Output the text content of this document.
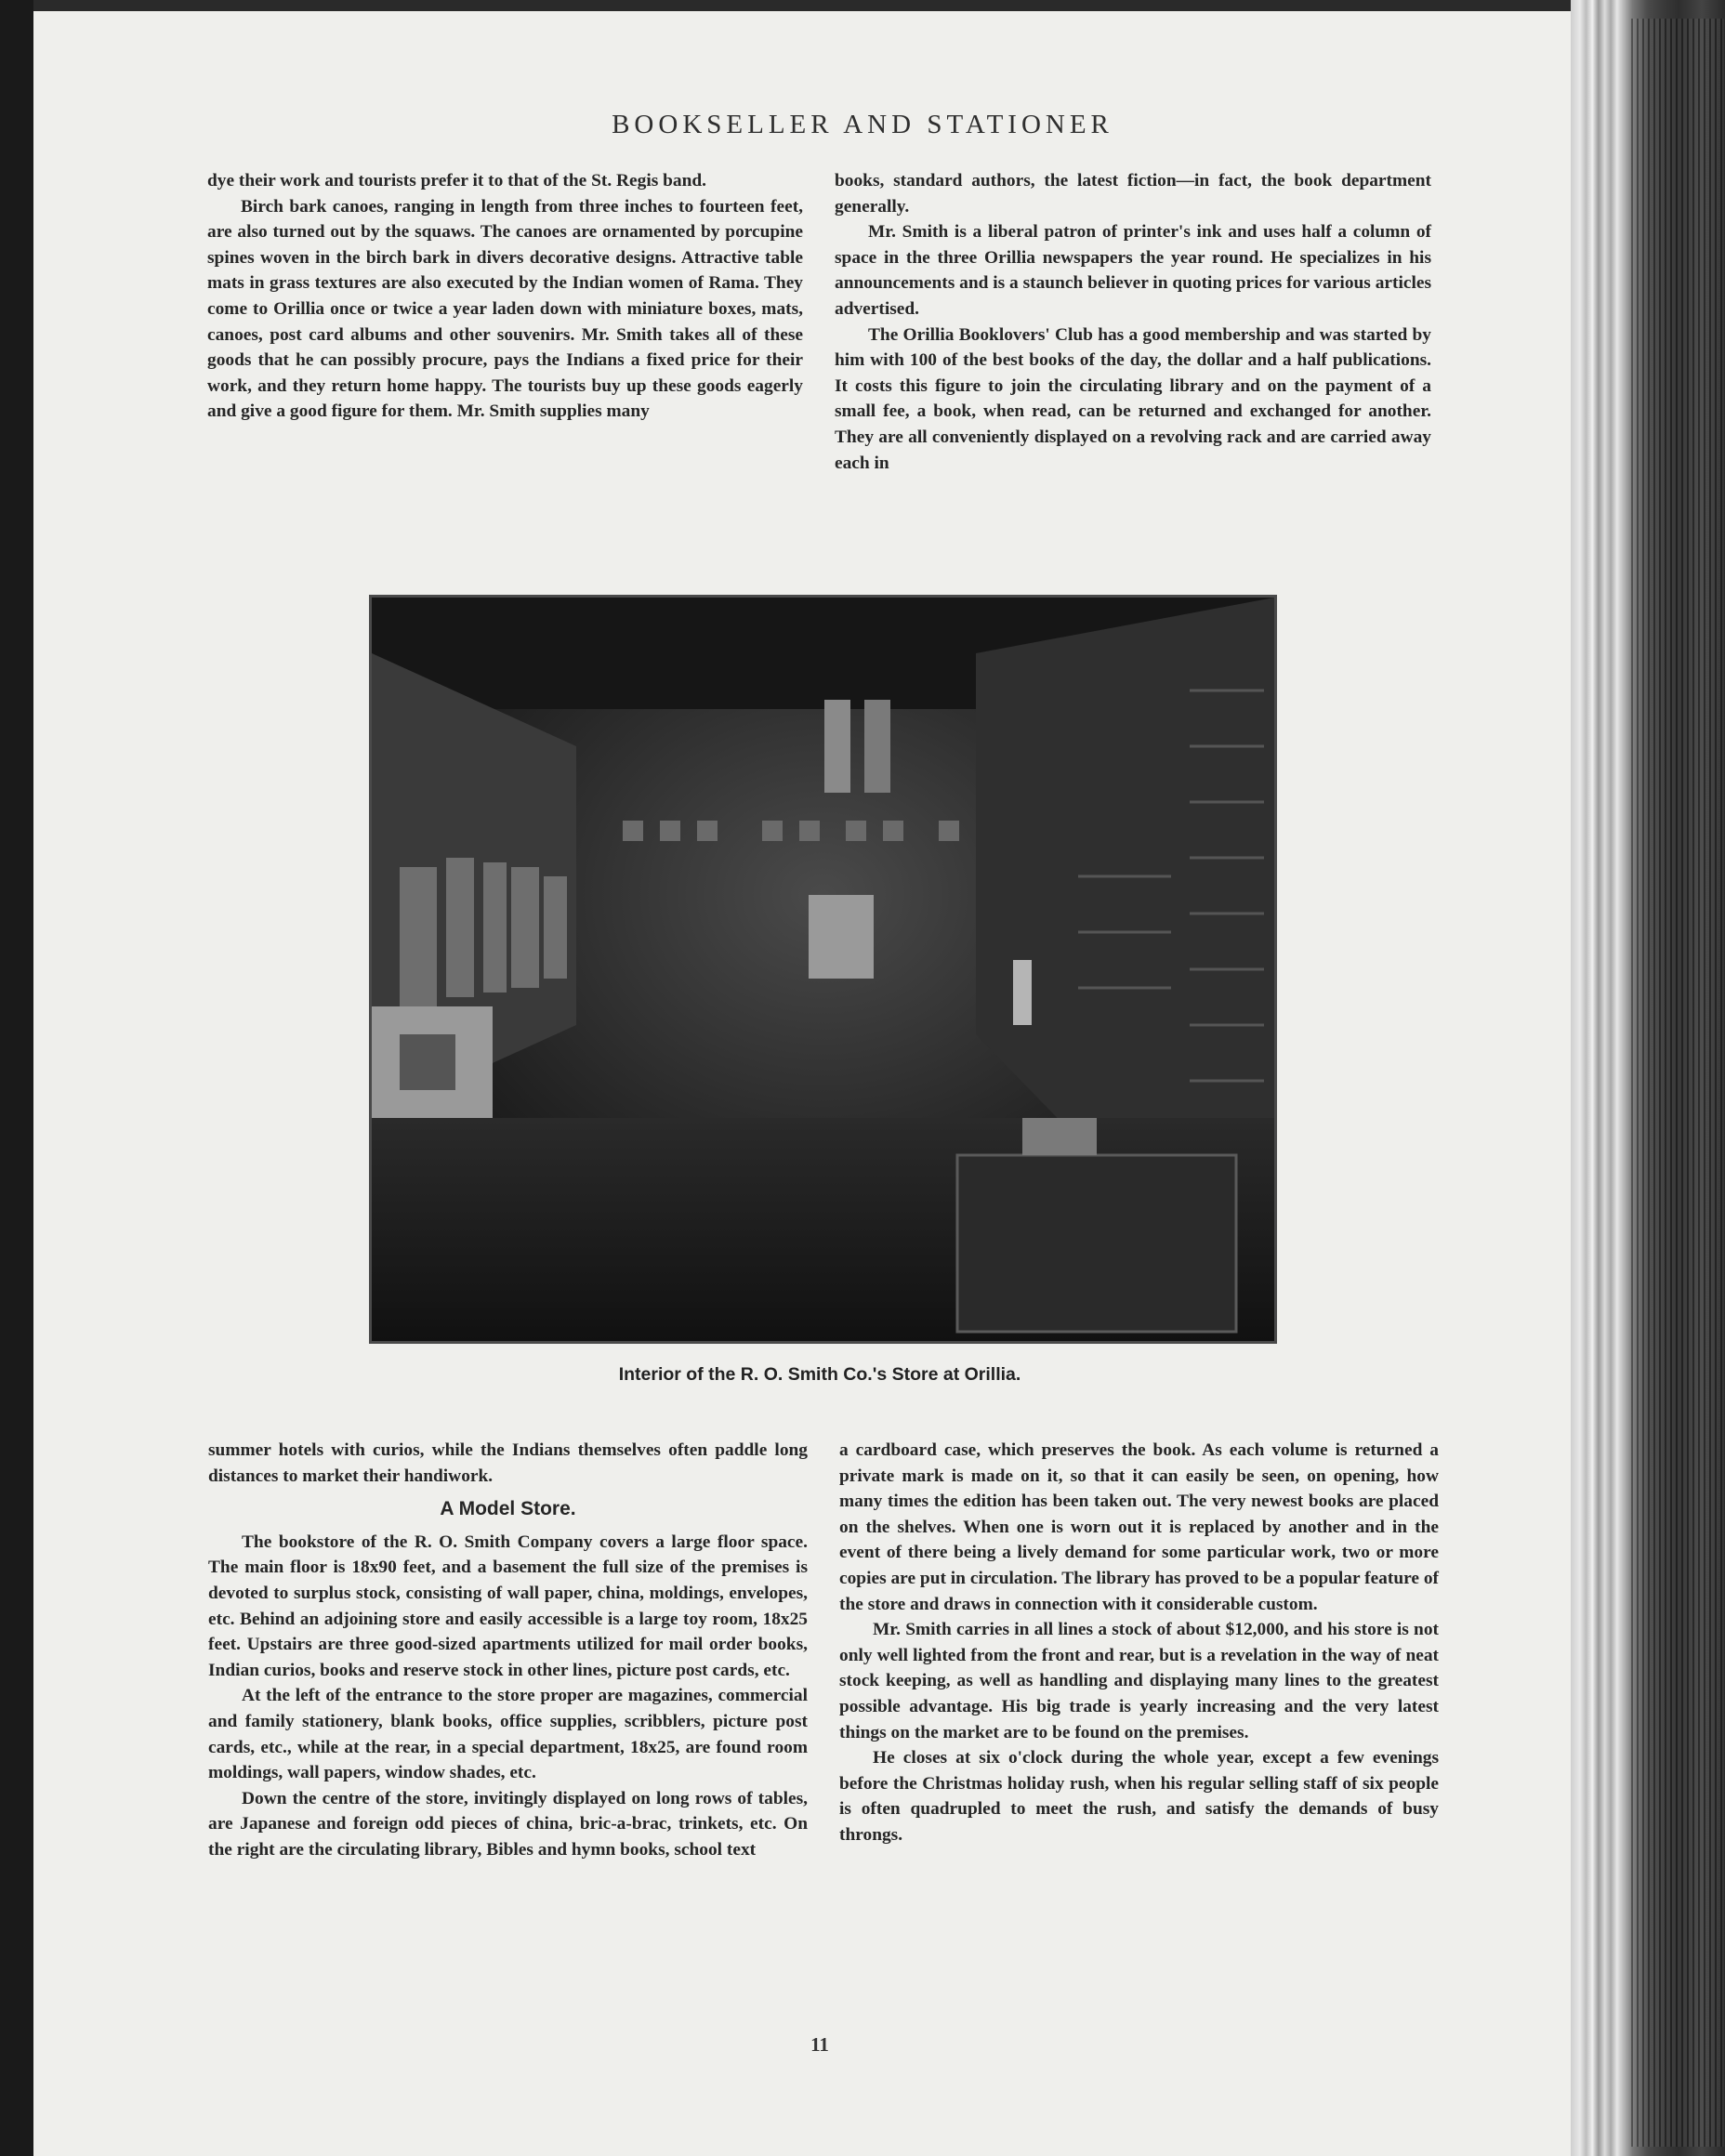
BOOKSELLER AND STATIONER

dye their work and tourists prefer it to that of the St. Regis band.

Birch bark canoes, ranging in length from three inches to fourteen feet, are also turned out by the squaws. The canoes are ornamented by porcupine spines woven in the birch bark in divers decorative designs. Attractive table mats in grass textures are also executed by the Indian women of Rama. They come to Orillia once or twice a year laden down with miniature boxes, mats, canoes, post card albums and other souvenirs. Mr. Smith takes all of these goods that he can possibly procure, pays the Indians a fixed price for their work, and they return home happy. The tourists buy up these goods eagerly and give a good figure for them. Mr. Smith supplies many

books, standard authors, the latest fiction—in fact, the book department generally.

Mr. Smith is a liberal patron of printer's ink and uses half a column of space in the three Orillia newspapers the year round. He specializes in his announcements and is a staunch believer in quoting prices for various articles advertised.

The Orillia Booklovers' Club has a good membership and was started by him with 100 of the best books of the day, the dollar and a half publications. It costs this figure to join the circulating library and on the payment of a small fee, a book, when read, can be returned and exchanged for another. They are all conveniently displayed on a revolving rack and are carried away each in

Interior of the R. O. Smith Co.'s Store at Orillia.

summer hotels with curios, while the Indians themselves often paddle long distances to market their handiwork.

A Model Store.

The bookstore of the R. O. Smith Company covers a large floor space. The main floor is 18x90 feet, and a basement the full size of the premises is devoted to surplus stock, consisting of wall paper, china, moldings, envelopes, etc. Behind an adjoining store and easily accessible is a large toy room, 18x25 feet. Upstairs are three good-sized apartments utilized for mail order books, Indian curios, books and reserve stock in other lines, picture post cards, etc.

At the left of the entrance to the store proper are magazines, commercial and family stationery, blank books, office supplies, scribblers, picture post cards, etc., while at the rear, in a special department, 18x25, are found room moldings, wall papers, window shades, etc.

Down the centre of the store, invitingly displayed on long rows of tables, are Japanese and foreign odd pieces of china, bric-a-brac, trinkets, etc. On the right are the circulating library, Bibles and hymn books, school text

a cardboard case, which preserves the book. As each volume is returned a private mark is made on it, so that it can easily be seen, on opening, how many times the edition has been taken out. The very newest books are placed on the shelves. When one is worn out it is replaced by another and in the event of there being a lively demand for some particular work, two or more copies are put in circulation. The library has proved to be a popular feature of the store and draws in connection with it considerable custom.

Mr. Smith carries in all lines a stock of about $12,000, and his store is not only well lighted from the front and rear, but is a revelation in the way of neat stock keeping, as well as handling and displaying many lines to the greatest possible advantage. His big trade is yearly increasing and the very latest things on the market are to be found on the premises.

He closes at six o'clock during the whole year, except a few evenings before the Christmas holiday rush, when his regular selling staff of six people is often quadrupled to meet the rush, and satisfy the demands of busy throngs.

11
